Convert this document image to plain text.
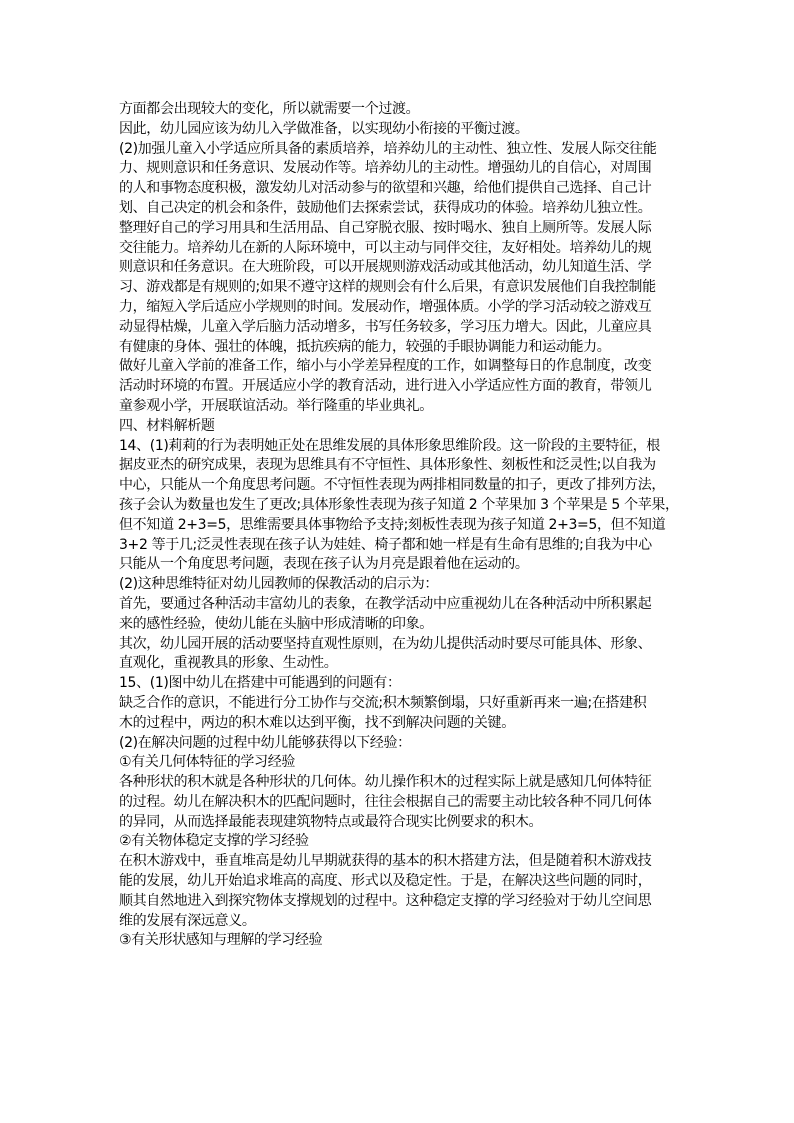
方面都会出现较大的变化，所以就需要一个过渡。
因此，幼儿园应该为幼儿入学做准备，以实现幼小衔接的平衡过渡。
(2)加强儿童入小学适应所具备的素质培养，培养幼儿的主动性、独立性、发展人际交往能
力、规则意识和任务意识、发展动作等。培养幼儿的主动性。增强幼儿的自信心，对周围
的人和事物态度积极，激发幼儿对活动参与的欲望和兴趣，给他们提供自己选择、自己计
划、自己决定的机会和条件，鼓励他们去探索尝试，获得成功的体验。培养幼儿独立性。
整理好自己的学习用具和生活用品、自己穿脱衣服、按时喝水、独自上厕所等。发展人际
交往能力。培养幼儿在新的人际环境中，可以主动与同伴交往，友好相处。培养幼儿的规
则意识和任务意识。在大班阶段，可以开展规则游戏活动或其他活动，幼儿知道生活、学
习、游戏都是有规则的;如果不遵守这样的规则会有什么后果，有意识发展他们自我控制能
力，缩短入学后适应小学规则的时间。发展动作，增强体质。小学的学习活动较之游戏互
动显得枯燥，儿童入学后脑力活动增多，书写任务较多，学习压力增大。因此，儿童应具
有健康的身体、强壮的体魄，抵抗疾病的能力，较强的手眼协调能力和运动能力。
做好儿童入学前的准备工作，缩小与小学差异程度的工作，如调整每日的作息制度，改变
活动时环境的布置。开展适应小学的教育活动，进行进入小学适应性方面的教育，带领儿
童参观小学，开展联谊活动。举行隆重的毕业典礼。
四、材料解析题
14、(1)莉莉的行为表明她正处在思维发展的具体形象思维阶段。这一阶段的主要特征，根
据皮亚杰的研究成果，表现为思维具有不守恒性、具体形象性、刻板性和泛灵性;以自我为
中心，只能从一个角度思考问题。不守恒性表现为两排相同数量的扣子，更改了排列方法，
孩子会认为数量也发生了更改;具体形象性表现为孩子知道 2 个苹果加 3 个苹果是 5 个苹果，
但不知道 2+3=5，思维需要具体事物给予支持;刻板性表现为孩子知道 2+3=5，但不知道
3+2 等于几;泛灵性表现在孩子认为娃娃、椅子都和她一样是有生命有思维的;自我为中心
只能从一个角度思考问题，表现在孩子认为月亮是跟着他在运动的。
(2)这种思维特征对幼儿园教师的保教活动的启示为：
首先，要通过各种活动丰富幼儿的表象，在教学活动中应重视幼儿在各种活动中所积累起
来的感性经验，使幼儿能在头脑中形成清晰的印象。
其次，幼儿园开展的活动要坚持直观性原则，在为幼儿提供活动时要尽可能具体、形象、
直观化，重视教具的形象、生动性。
15、(1)图中幼儿在搭建中可能遇到的问题有：
缺乏合作的意识，不能进行分工协作与交流;积木频繁倒塌，只好重新再来一遍;在搭建积
木的过程中，两边的积木难以达到平衡，找不到解决问题的关键。
(2)在解决问题的过程中幼儿能够获得以下经验：
①有关几何体特征的学习经验
各种形状的积木就是各种形状的几何体。幼儿操作积木的过程实际上就是感知几何体特征
的过程。幼儿在解决积木的匹配问题时，往往会根据自己的需要主动比较各种不同几何体
的异同，从而选择最能表现建筑物特点或最符合现实比例要求的积木。
②有关物体稳定支撑的学习经验
在积木游戏中，垂直堆高是幼儿早期就获得的基本的积木搭建方法，但是随着积木游戏技
能的发展，幼儿开始追求堆高的高度、形式以及稳定性。于是，在解决这些问题的同时，
顺其自然地进入到探究物体支撑规划的过程中。这种稳定支撑的学习经验对于幼儿空间思
维的发展有深远意义。
③有关形状感知与理解的学习经验
